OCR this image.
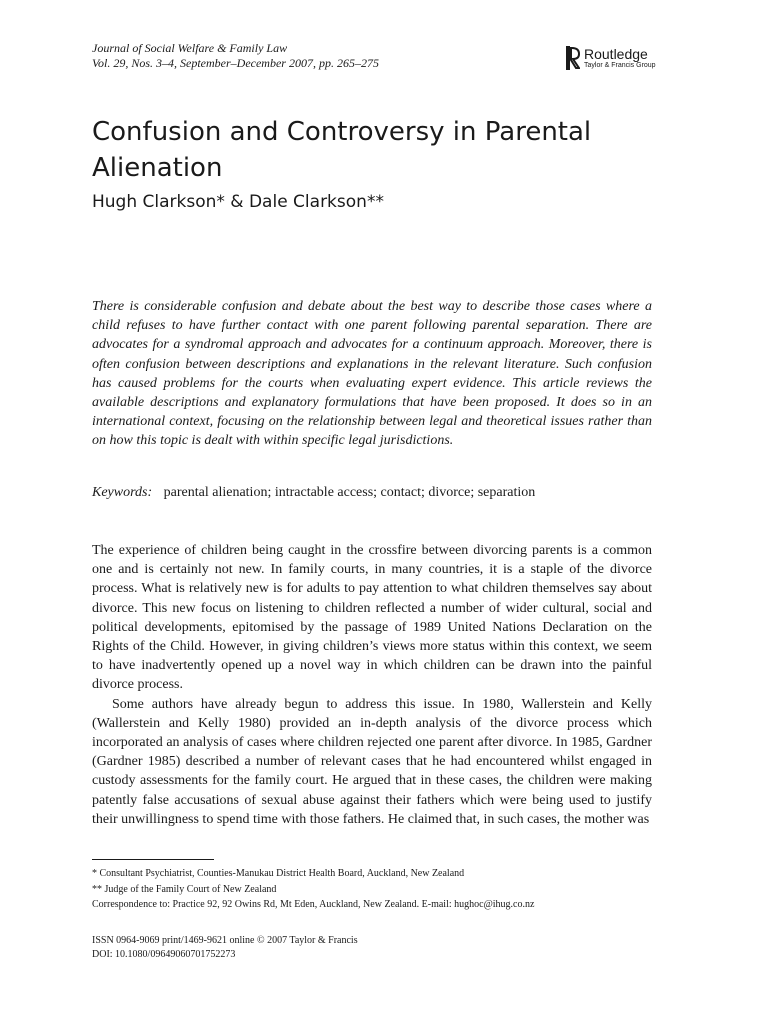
Journal of Social Welfare & Family Law
Vol. 29, Nos. 3–4, September–December 2007, pp. 265–275
Routledge
Taylor & Francis Group
Confusion and Controversy in Parental Alienation
Hugh Clarkson* & Dale Clarkson**

There is considerable confusion and debate about the best way to describe those cases where a child refuses to have further contact with one parent following parental separation. There are advocates for a syndromal approach and advocates for a continuum approach. Moreover, there is often confusion between descriptions and explanations in the relevant literature. Such confusion has caused problems for the courts when evaluating expert evidence. This article reviews the available descriptions and explanatory formulations that have been proposed. It does so in an international context, focusing on the relationship between legal and theoretical issues rather than on how this topic is dealt with within specific legal jurisdictions.

Keywords: parental alienation; intractable access; contact; divorce; separation

The experience of children being caught in the crossfire between divorcing parents is a common one and is certainly not new. In family courts, in many countries, it is a staple of the divorce process. What is relatively new is for adults to pay attention to what children themselves say about divorce. This new focus on listening to children reflected a number of wider cultural, social and political developments, epitomised by the passage of 1989 United Nations Declaration on the Rights of the Child. However, in giving children’s views more status within this context, we seem to have inadvertently opened up a novel way in which children can be drawn into the painful divorce process.

Some authors have already begun to address this issue. In 1980, Wallerstein and Kelly (Wallerstein and Kelly 1980) provided an in-depth analysis of the divorce process which incorporated an analysis of cases where children rejected one parent after divorce. In 1985, Gardner (Gardner 1985) described a number of relevant cases that he had encountered whilst engaged in custody assessments for the family court. He argued that in these cases, the children were making patently false accusations of sexual abuse against their fathers which were being used to justify their unwillingness to spend time with those fathers. He claimed that, in such cases, the mother was

* Consultant Psychiatrist, Counties-Manukau District Health Board, Auckland, New Zealand
** Judge of the Family Court of New Zealand
Correspondence to: Practice 92, 92 Owins Rd, Mt Eden, Auckland, New Zealand. E-mail: hughoc@ihug.co.nz
ISSN 0964-9069 print/1469-9621 online © 2007 Taylor & Francis
DOI: 10.1080/09649060701752273
